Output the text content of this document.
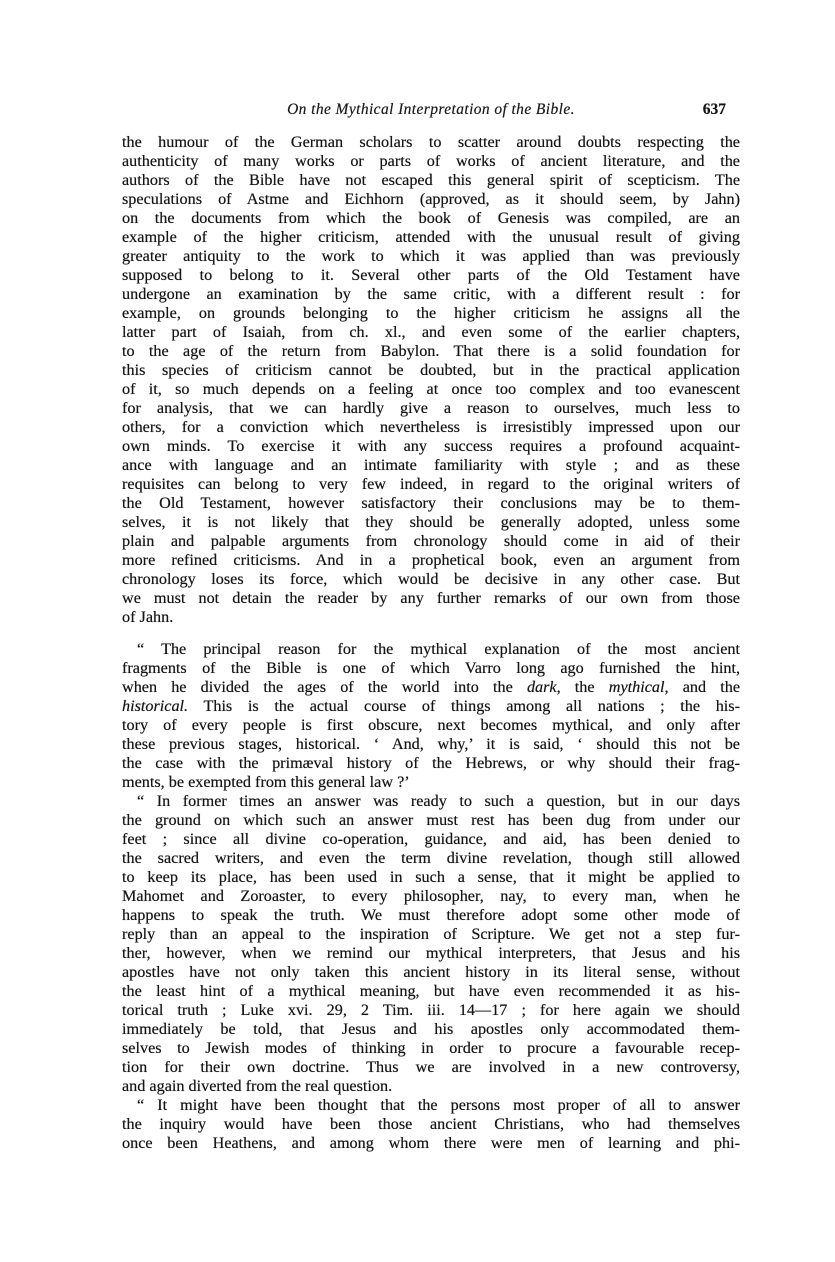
On the Mythical Interpretation of the Bible.	637
the humour of the German scholars to scatter around doubts respecting the
authenticity of many works or parts of works of ancient literature, and the
authors of the Bible have not escaped this general spirit of scepticism. The
speculations of Astme and Eichhorn (approved, as it should seem, by Jahn)
on the documents from which the book of Genesis was compiled, are an
example of the higher criticism, attended with the unusual result of giving
greater antiquity to the work to which it was applied than was previously
supposed to belong to it. Several other parts of the Old Testament have
undergone an examination by the same critic, with a different result : for
example, on grounds belonging to the higher criticism he assigns all the
latter part of Isaiah, from ch. xl., and even some of the earlier chapters,
to the age of the return from Babylon. That there is a solid foundation for
this species of criticism cannot be doubted, but in the practical application
of it, so much depends on a feeling at once too complex and too evanescent
for analysis, that we can hardly give a reason to ourselves, much less to
others, for a conviction which nevertheless is irresistibly impressed upon our
own minds. To exercise it with any success requires a profound acquaint-
ance with language and an intimate familiarity with style ; and as these
requisites can belong to very few indeed, in regard to the original writers of
the Old Testament, however satisfactory their conclusions may be to them-
selves, it is not likely that they should be generally adopted, unless some
plain and palpable arguments from chronology should come in aid of their
more refined criticisms. And in a prophetical book, even an argument from
chronology loses its force, which would be decisive in any other case. But
we must not detain the reader by any further remarks of our own from those
of Jahn.
“ The principal reason for the mythical explanation of the most ancient
fragments of the Bible is one of which Varro long ago furnished the hint,
when he divided the ages of the world into the dark, the mythical, and the
historical. This is the actual course of things among all nations ; the his-
tory of every people is first obscure, next becomes mythical, and only after
these previous stages, historical. ‘ And, why,’ it is said, ‘ should this not be
the case with the primæval history of the Hebrews, or why should their frag-
ments, be exempted from this general law ?’
“ In former times an answer was ready to such a question, but in our days
the ground on which such an answer must rest has been dug from under our
feet ; since all divine co-operation, guidance, and aid, has been denied to
the sacred writers, and even the term divine revelation, though still allowed
to keep its place, has been used in such a sense, that it might be applied to
Mahomet and Zoroaster, to every philosopher, nay, to every man, when he
happens to speak the truth. We must therefore adopt some other mode of
reply than an appeal to the inspiration of Scripture. We get not a step fur-
ther, however, when we remind our mythical interpreters, that Jesus and his
apostles have not only taken this ancient history in its literal sense, without
the least hint of a mythical meaning, but have even recommended it as his-
torical truth ; Luke xvi. 29, 2 Tim. iii. 14—17 ; for here again we should
immediately be told, that Jesus and his apostles only accommodated them-
selves to Jewish modes of thinking in order to procure a favourable recep-
tion for their own doctrine. Thus we are involved in a new controversy,
and again diverted from the real question.
“ It might have been thought that the persons most proper of all to answer
the inquiry would have been those ancient Christians, who had themselves
once been Heathens, and among whom there were men of learning and phi-
